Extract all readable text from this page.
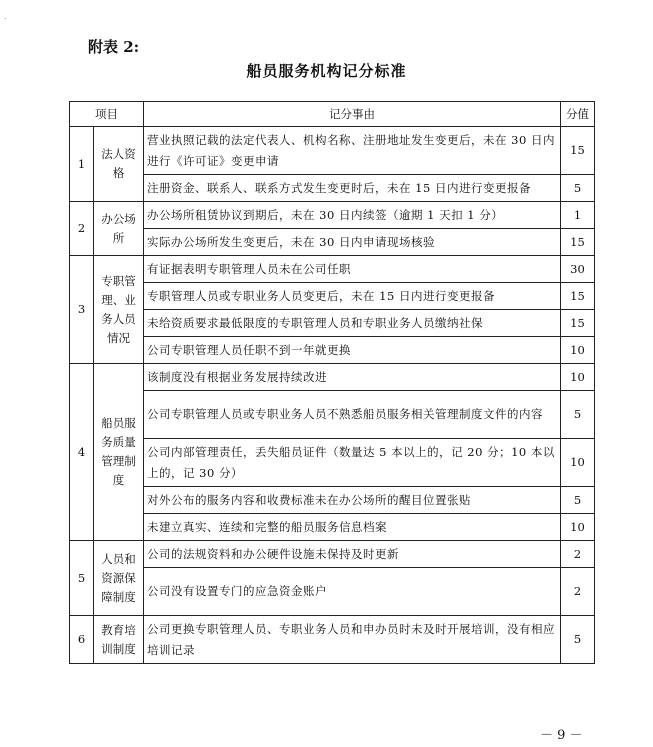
.
附表 2:
船员服务机构记分标准
项目		记分事由	分值
1	法人资格	营业执照记载的法定代表人、机构名称、注册地址发生变更后，未在 30 日内进行《许可证》变更申请	15
		注册资金、联系人、联系方式发生变更时后，未在 15 日内进行变更报备	5
2	办公场所	办公场所租赁协议到期后，未在 30 日内续签（逾期 1 天扣 1 分）	1
		实际办公场所发生变更后，未在 30 日内申请现场核验	15
3	专职管理、业务人员情况	有证据表明专职管理人员未在公司任职	30
		专职管理人员或专职业务人员变更后，未在 15 日内进行变更报备	15
		未给资质要求最低限度的专职管理人员和专职业务人员缴纳社保	15
		公司专职管理人员任职不到一年就更换	10
4	船员服务质量管理制度	该制度没有根据业务发展持续改进	10
		公司专职管理人员或专职业务人员不熟悉船员服务相关管理制度文件的内容	5
		公司内部管理责任，丢失船员证件（数量达 5 本以上的，记 20 分；10 本以上的，记 30 分）	10
		对外公布的服务内容和收费标准未在办公场所的醒目位置张贴	5
		未建立真实、连续和完整的船员服务信息档案	10
5	人员和资源保障制度	公司的法规资料和办公硬件设施未保持及时更新	2
		公司没有设置专门的应急资金账户	2
6	教育培训制度	公司更换专职管理人员、专职业务人员和申办员时未及时开展培训，没有相应培训记录	5
－ 9 －
